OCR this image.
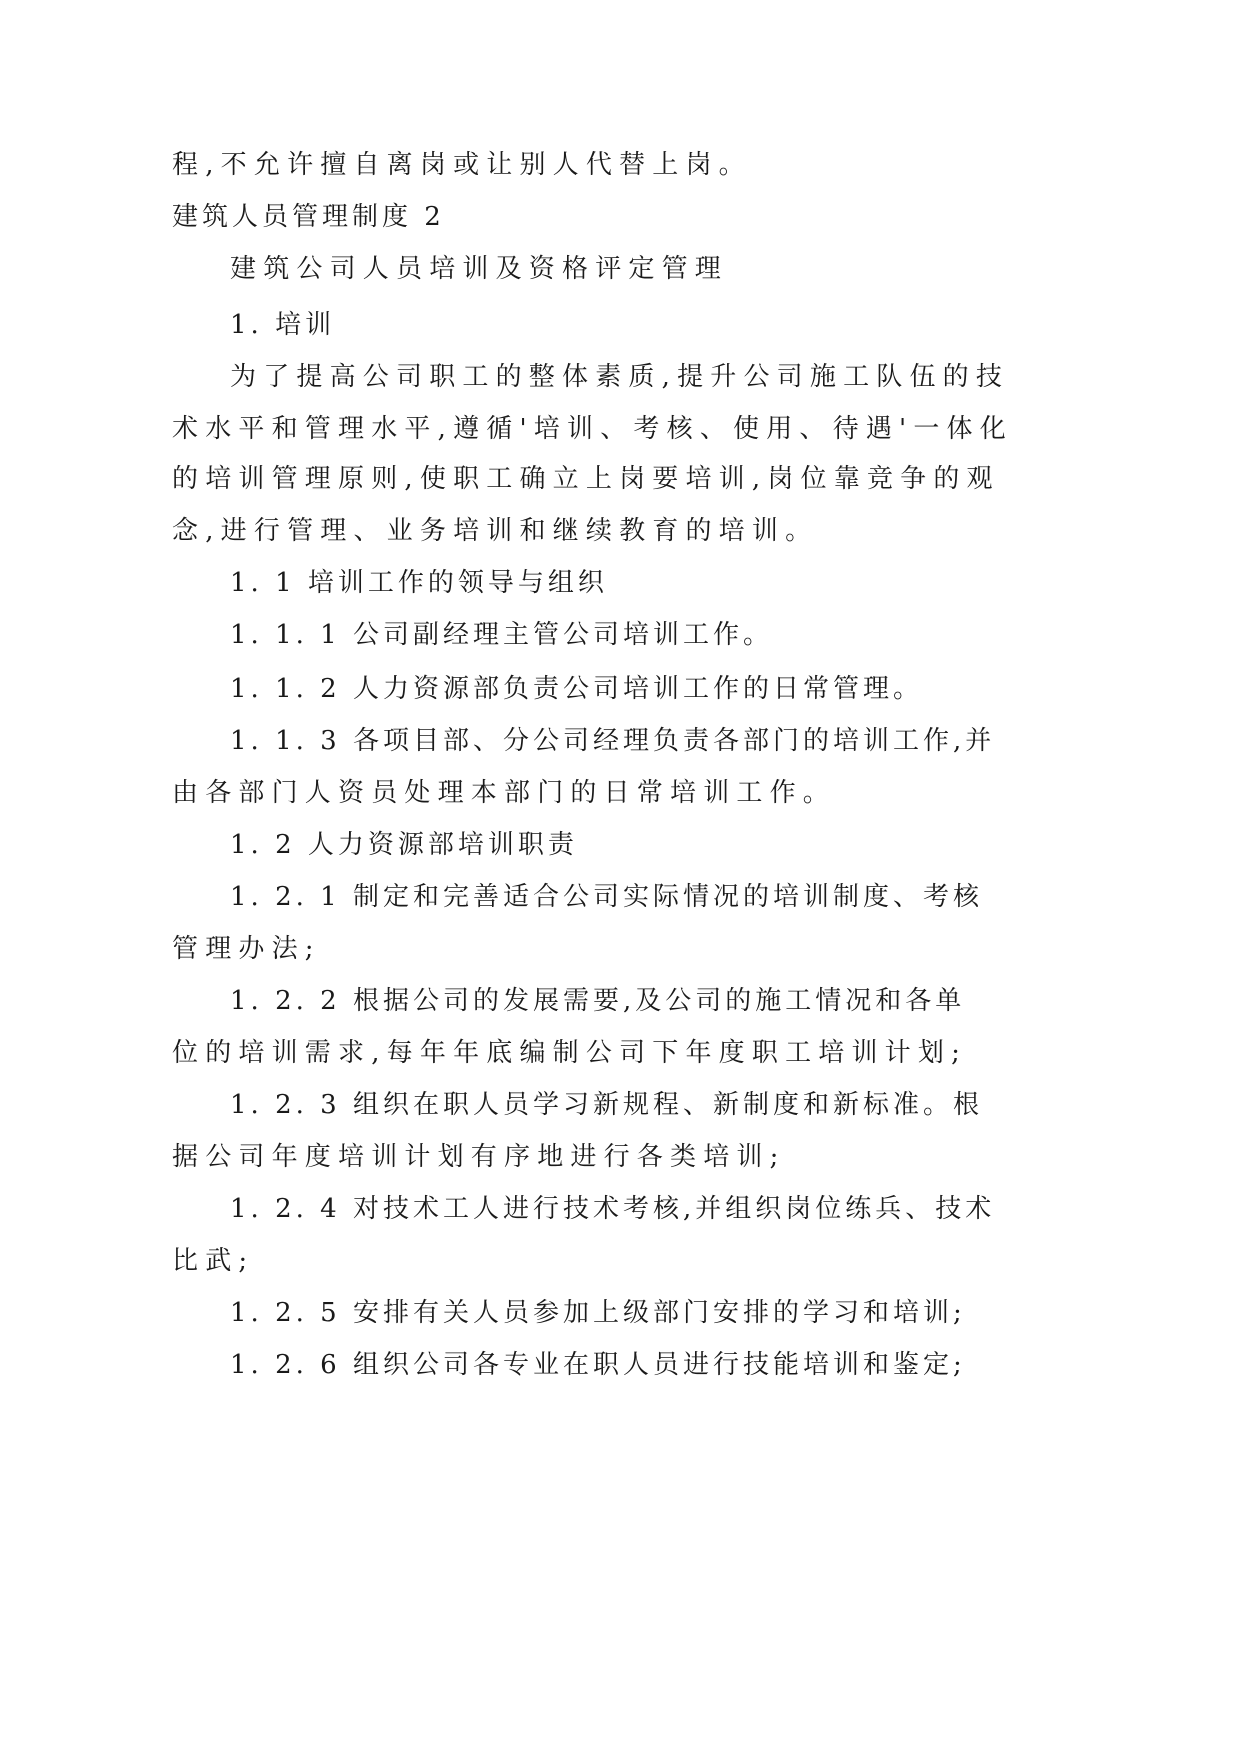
程,不允许擅自离岗或让别人代替上岗。
建筑人员管理制度 2
建筑公司人员培训及资格评定管理
1. 培训
为了提高公司职工的整体素质,提升公司施工队伍的技
术水平和管理水平,遵循'培训、考核、使用、待遇'一体化
的培训管理原则,使职工确立上岗要培训,岗位靠竞争的观
念,进行管理、业务培训和继续教育的培训。
1. 1 培训工作的领导与组织
1. 1. 1 公司副经理主管公司培训工作。
1. 1. 2 人力资源部负责公司培训工作的日常管理。
1. 1. 3 各项目部、分公司经理负责各部门的培训工作,并
由各部门人资员处理本部门的日常培训工作。
1. 2 人力资源部培训职责
1. 2. 1 制定和完善适合公司实际情况的培训制度、考核
管理办法;
1. 2. 2 根据公司的发展需要,及公司的施工情况和各单
位的培训需求,每年年底编制公司下年度职工培训计划;
1. 2. 3 组织在职人员学习新规程、新制度和新标准。根
据公司年度培训计划有序地进行各类培训;
1. 2. 4 对技术工人进行技术考核,并组织岗位练兵、技术
比武;
1. 2. 5 安排有关人员参加上级部门安排的学习和培训;
1. 2. 6 组织公司各专业在职人员进行技能培训和鉴定;
